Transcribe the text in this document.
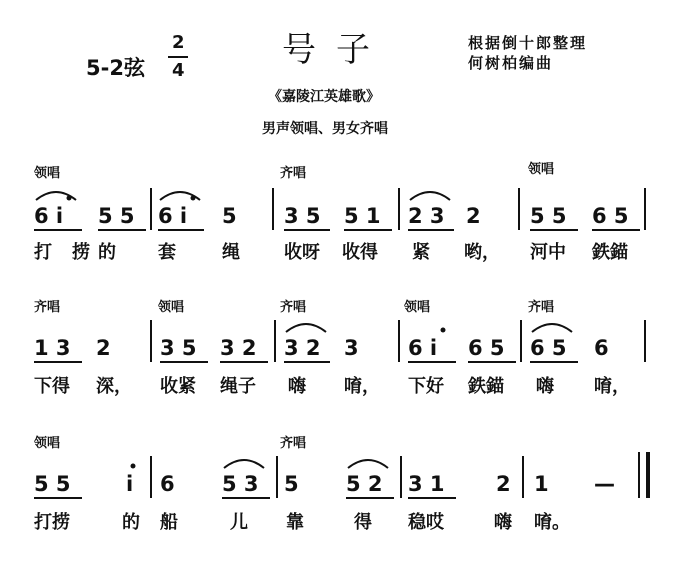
5-2弦
2
4
号子	根据倒十郎整理
何树柏编曲
《嘉陵江英雄歌》
男声领唱、男女齐唱
领唱	齐唱	领唱
6 i 5 5 6 i 5 3 5 5 1 2 3 2 5 5 6 5
打 捞 的 套	绳 收呀 收得 紧 哟， 河中 鉄錨
齐唱	领唱	齐唱	领唱	齐唱
1 3 2 3 5 3 2 3 2 3 6 i 6 5 6 5 6
下得 深， 收紧 绳子 嗨 唷， 下好 鉄錨 嗨 唷，
领唱	齐唱
5 5	i 6 5 3 5 5 2 3 1 2 1 —
打捞	的 船	儿 靠	得 稳哎	嗨 唷。
